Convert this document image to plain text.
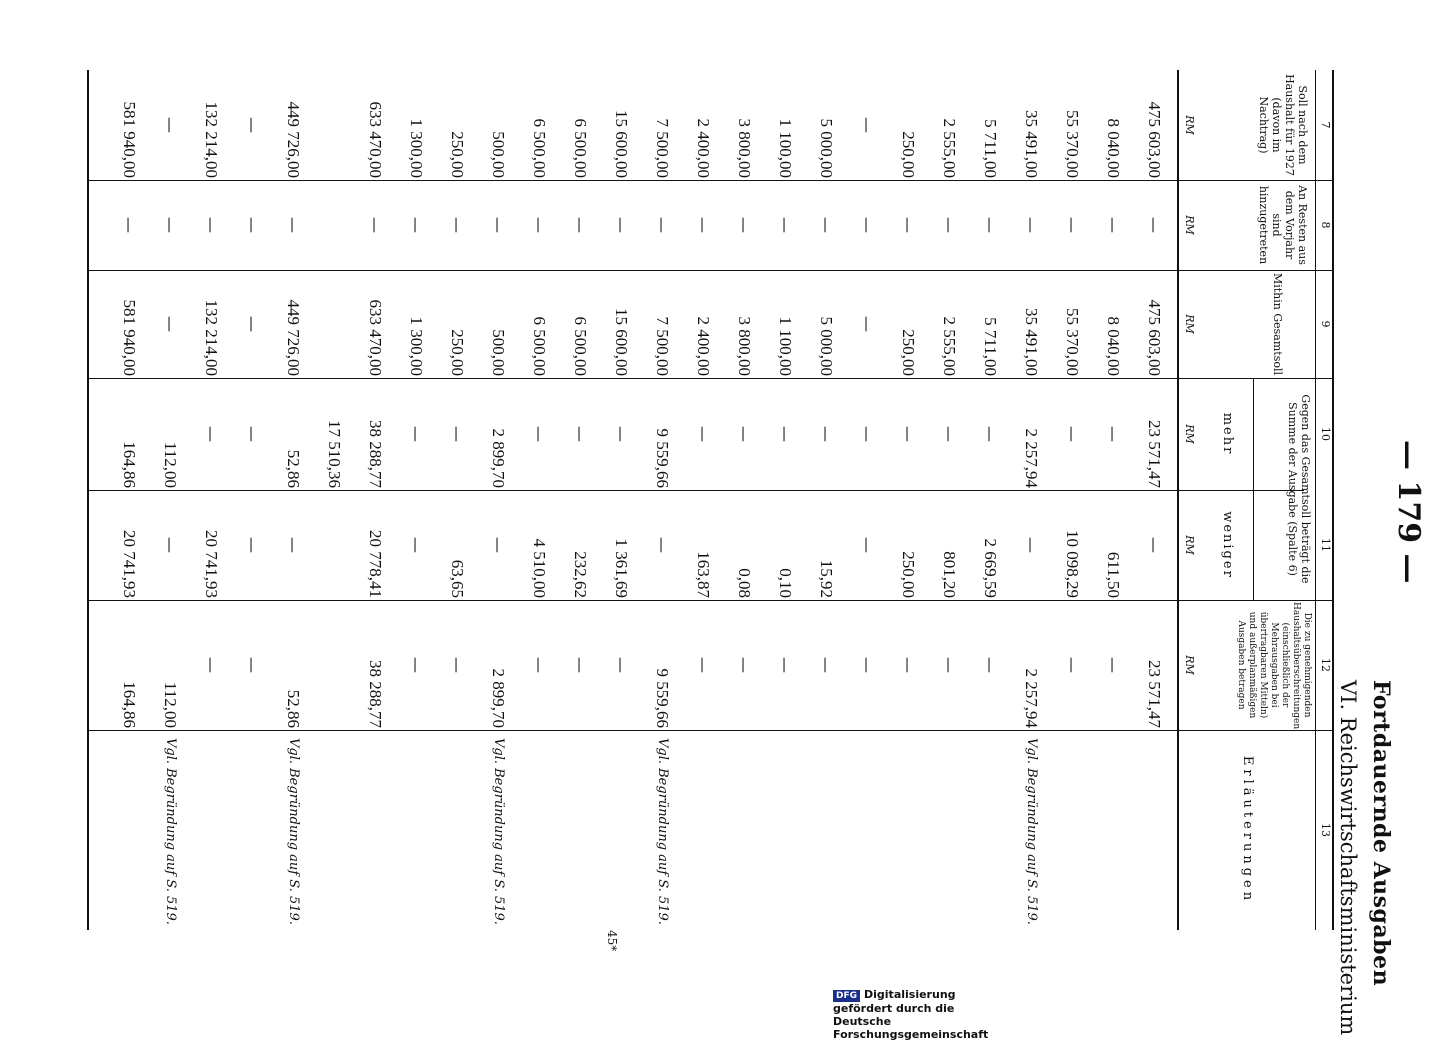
— 179 —
Fortdauernde Ausgaben
VI. Reichswirtschaftsministerium
7
8
9
10
11
12
13
Soll nach dem Haushalt für 1927 (davon im Nachtrag)
An Resten aus dem Vorjahr sind hinzugetreten
Mithin Gesamtsoll
Gegen das Gesamtsoll beträgt die Summe der Ausgabe (Spalte 6)
mehr
weniger
Die zu genehmigenden Haushaltsüberschreitungen (einschließlich der Mehrausgaben bei übertragbaren Mitteln) und außerplanmäßigen Ausgaben betragen
Erläuterungen
RM
RM
RM
RM
RM
RM
475 603,00
—
475 603,00
23 571,47
—
23 571,47
8 040,00
—
8 040,00
—
611,50
—
55 370,00
—
55 370,00
—
10 098,29
—
35 491,00
—
35 491,00
2 257,94
—
2 257,94
Vgl. Begründung auf S. 519.
5 711,00
—
5 711,00
—
2 669,59
—
2 555,00
—
2 555,00
—
801,20
—
250,00
—
250,00
—
250,00
—
—
—
—
—
—
—
5 000,00
—
5 000,00
—
15,92
—
1 100,00
—
1 100,00
—
0,10
—
3 800,00
—
3 800,00
—
0,08
—
2 400,00
—
2 400,00
—
163,87
—
7 500,00
—
7 500,00
9 559,66
—
9 559,66
Vgl. Begründung auf S. 519.
15 600,00
—
15 600,00
—
1 361,69
—
6 500,00
—
6 500,00
—
232,62
—
6 500,00
—
6 500,00
—
4 510,00
—
500,00
—
500,00
2 899,70
—
2 899,70
Vgl. Begründung auf S. 519.
250,00
—
250,00
—
63,65
—
1 300,00
—
1 300,00
—
—
—
633 470,00
—
633 470,00
38 288,77
20 778,41
38 288,77
17 510,36
449 726,00
—
449 726,00
52,86
—
52,86
Vgl. Begründung auf S. 519.
—
—
—
—
—
—
132 214,00
—
132 214,00
—
20 741,93
—
—
—
—
112,00
—
112,00
Vgl. Begründung auf S. 519.
581 940,00
—
581 940,00
164,86
20 741,93
164,86
45*
DFG Digitalisierung gefördert durch die Deutsche Forschungsgemeinschaft
